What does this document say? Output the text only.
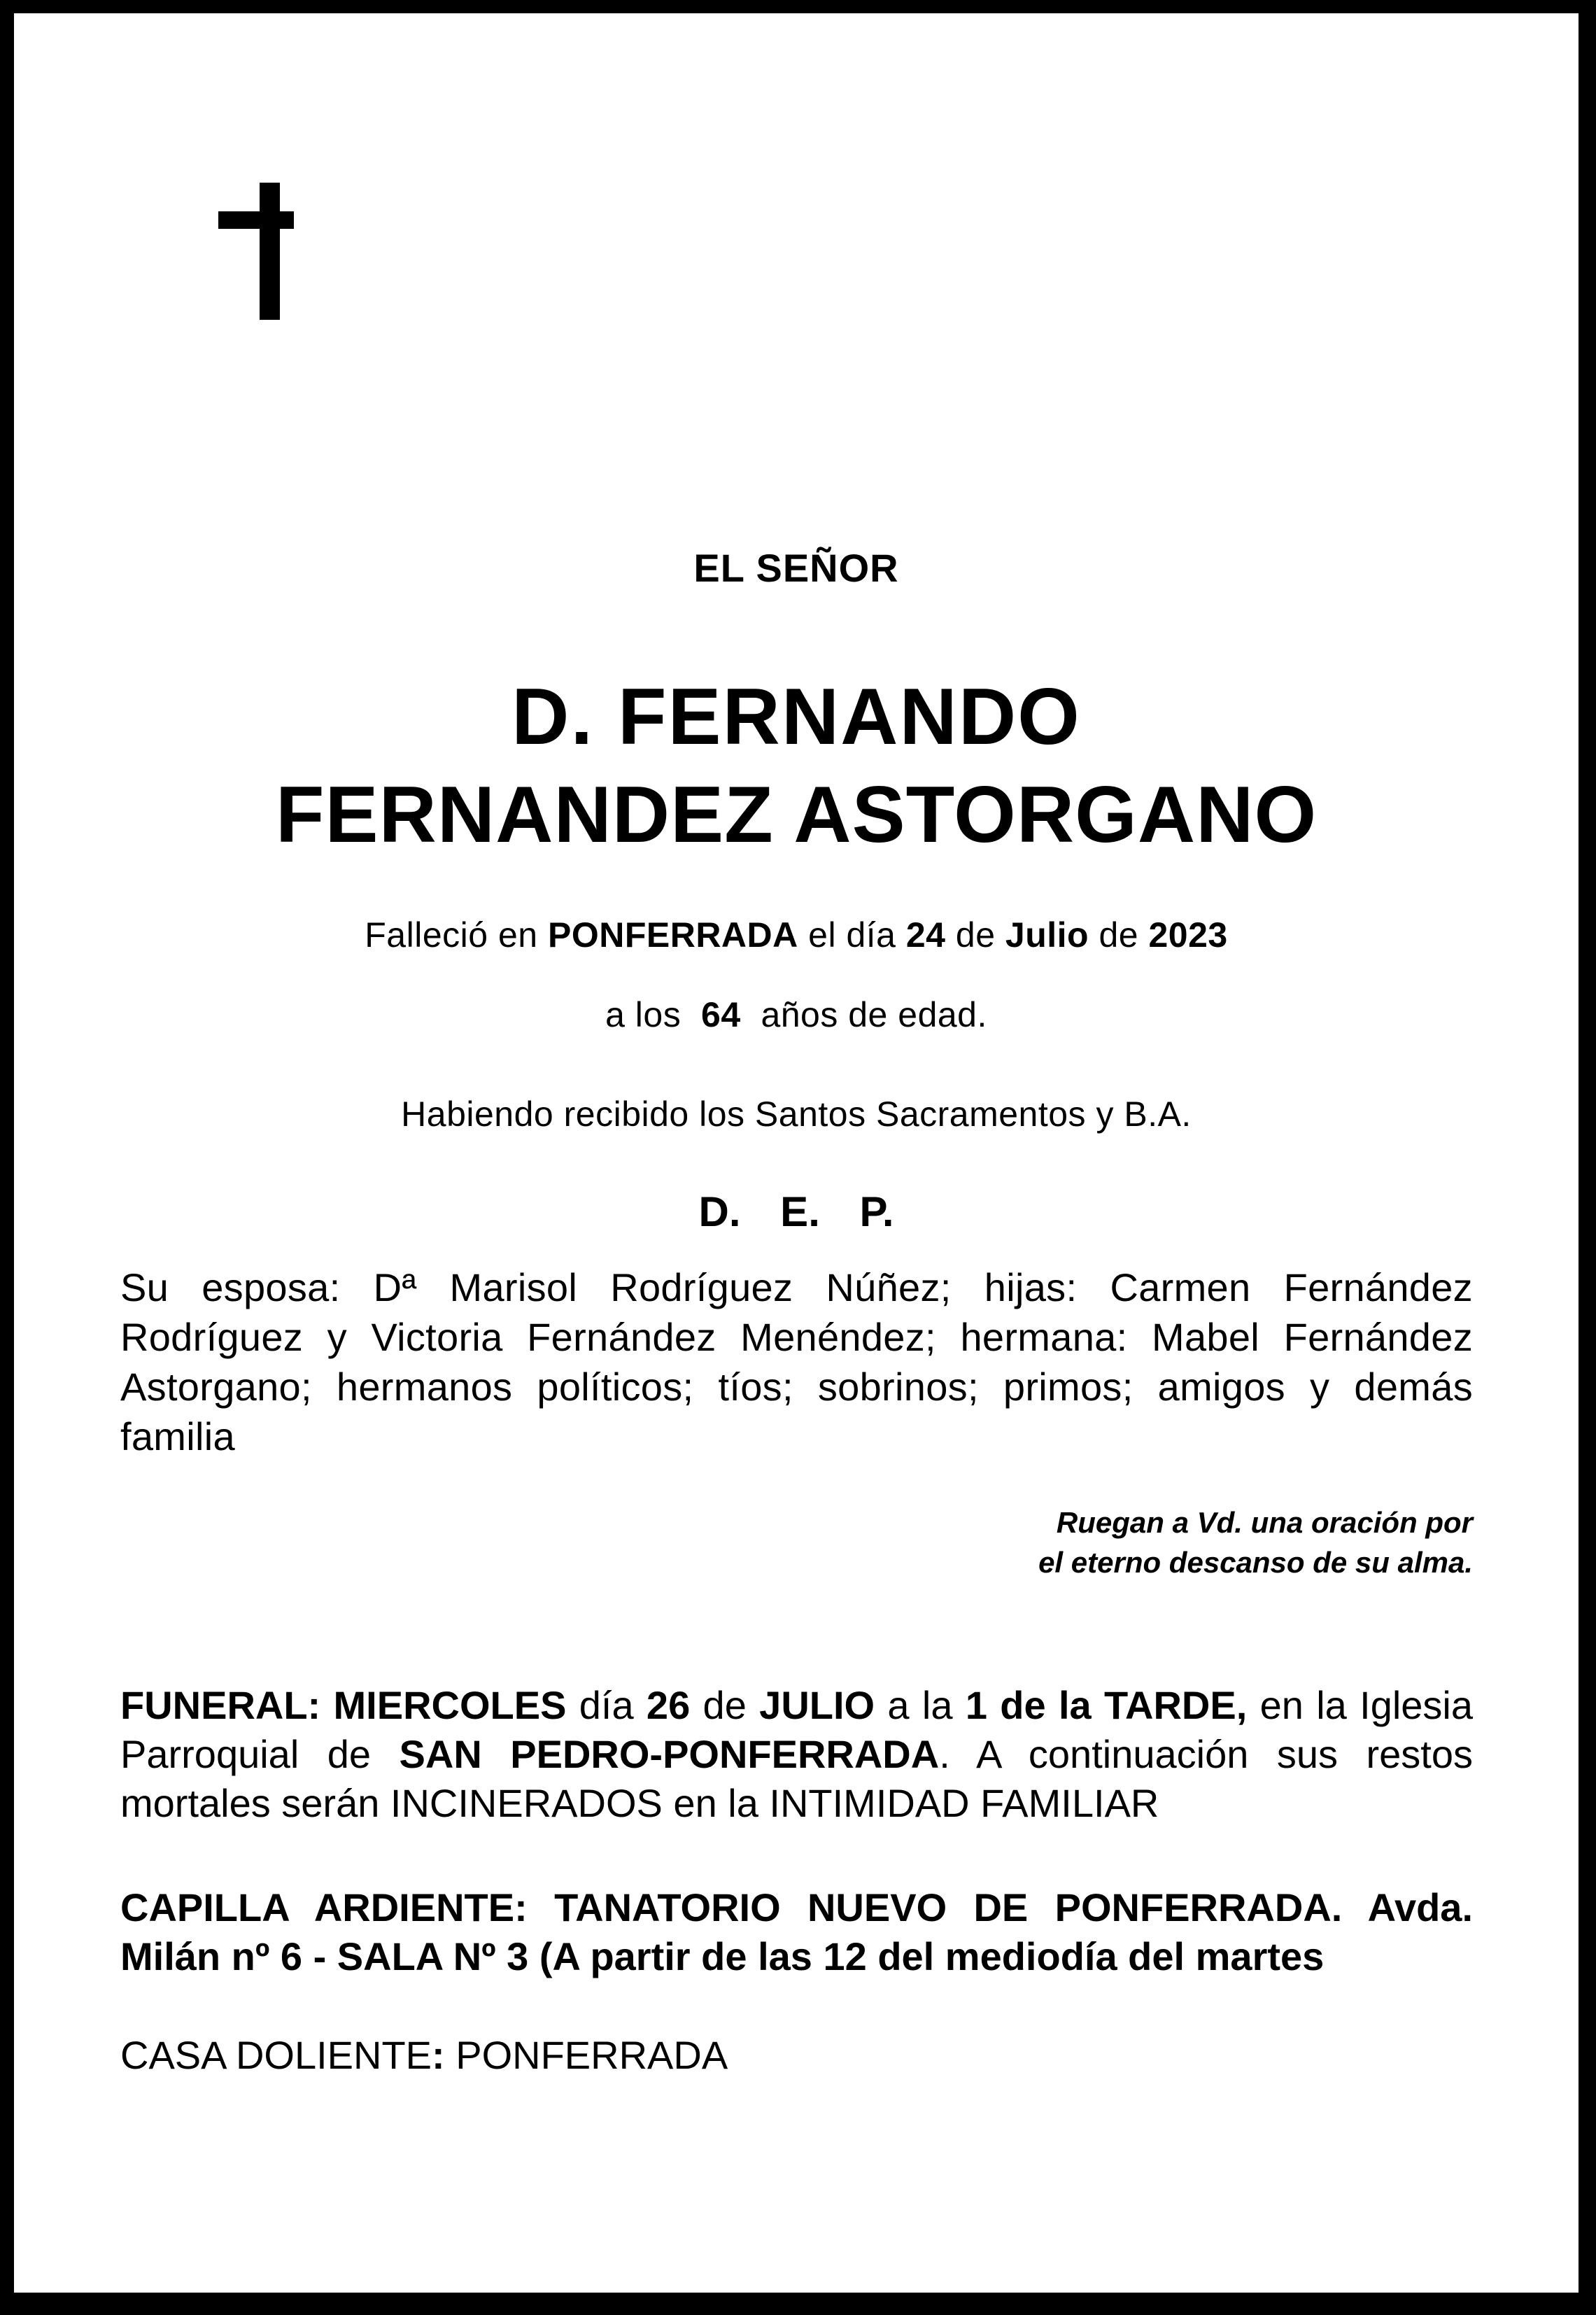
EL SEÑOR
D. FERNANDO
FERNANDEZ ASTORGANO
Falleció en PONFERRADA el día 24 de Julio de 2023
a los  64  años de edad.
Habiendo recibido los Santos Sacramentos y B.A.
D. E. P.
Su esposa: Dª Marisol Rodríguez Núñez; hijas: Carmen Fernández Rodríguez y Victoria Fernández Menéndez; hermana: Mabel Fernández Astorgano; hermanos políticos; tíos; sobrinos; primos; amigos y demás familia
Ruegan a Vd. una oración por
el eterno descanso de su alma.
FUNERAL: MIERCOLES día 26 de JULIO a la 1 de la TARDE, en la Iglesia Parroquial de SAN PEDRO-PONFERRADA. A continuación sus restos mortales serán INCINERADOS en la INTIMIDAD FAMILIAR
CAPILLA ARDIENTE: TANATORIO NUEVO DE PONFERRADA. Avda. Milán nº 6 - SALA Nº 3 (A partir de las 12 del mediodía del martes
CASA DOLIENTE: PONFERRADA
